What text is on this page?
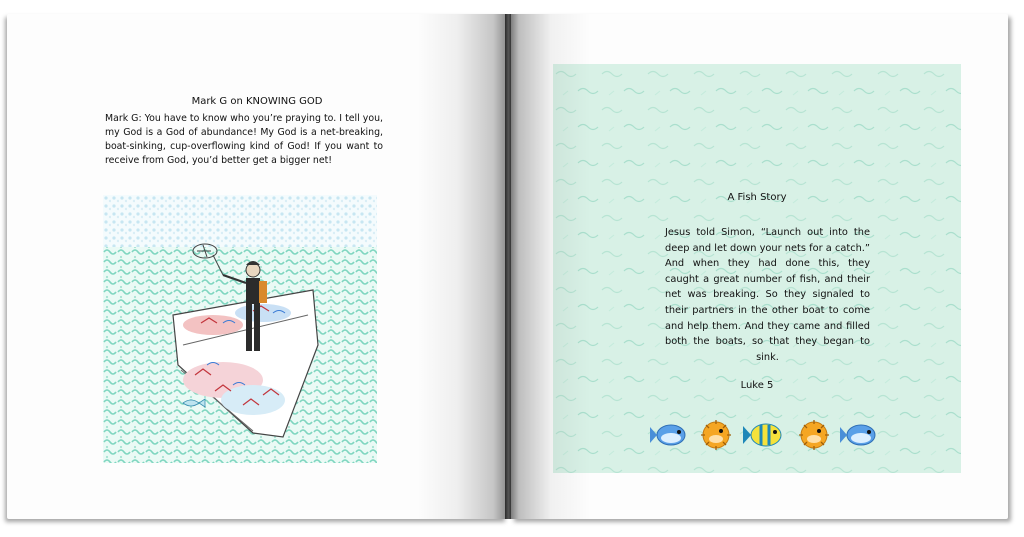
Mark G on KNOWING GOD

Mark G: You have to know who you’re praying to. I tell you, my God is a God of abundance! My God is a net-breaking, boat-sinking, cup-overflowing kind of God! If you want to receive from God, you’d better get a bigger net!

A Fish Story

Jesus told Simon, “Launch out into the deep and let down your nets for a catch.” And when they had done this, they caught a great number of fish, and their net was breaking. So they signaled to their partners in the other boat to come and help them. And they came and filled both the boats, so that they began to sink.

Luke 5
